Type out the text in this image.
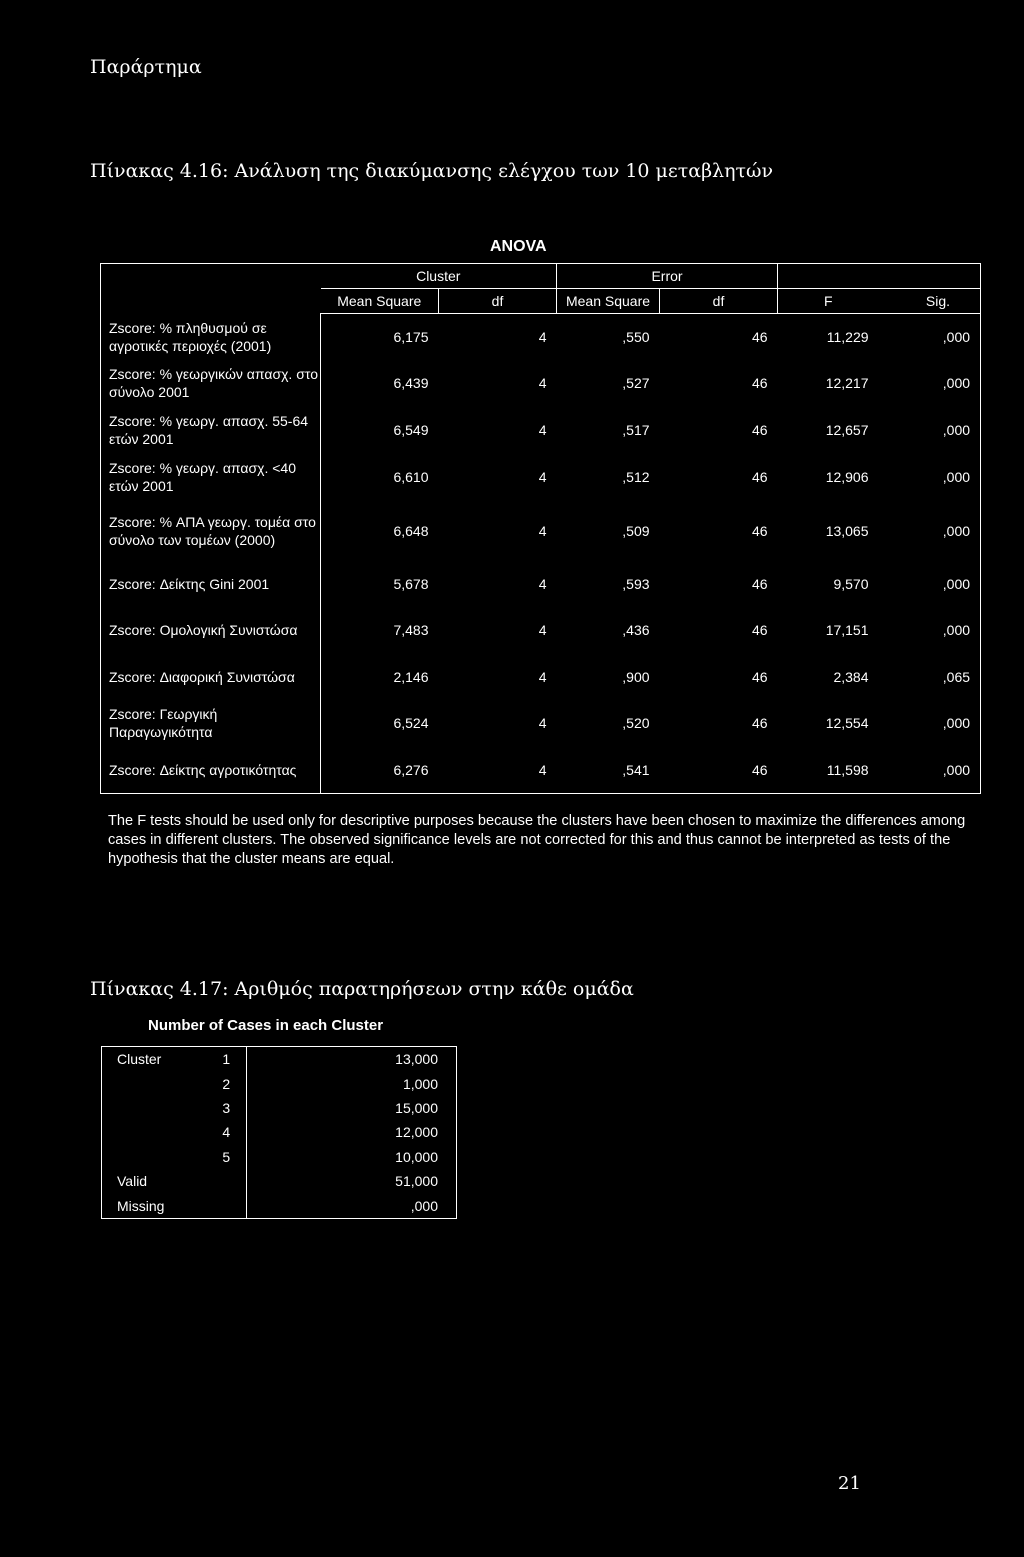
Παράρτημα
Πίνακας 4.16: Ανάλυση της διακύμανσης ελέγχου των 10 μεταβλητών
ANOVA
	Cluster		Error			
	Mean Square	df	Mean Square	df	F	Sig.
Zscore: % πληθυσμού σε αγροτικές περιοχές (2001)	6,175	4	,550	46	11,229	,000
Zscore: % γεωργικών απασχ. στο σύνολο 2001	6,439	4	,527	46	12,217	,000
Zscore: % γεωργ. απασχ. 55-64 ετών 2001	6,549	4	,517	46	12,657	,000
Zscore: % γεωργ. απασχ. <40 ετών 2001	6,610	4	,512	46	12,906	,000
Zscore: % ΑΠΑ γεωργ. τομέα στο σύνολο των τομέων (2000)	6,648	4	,509	46	13,065	,000
Zscore: Δείκτης Gini 2001	5,678	4	,593	46	9,570	,000
Zscore: Ομολογική Συνιστώσα	7,483	4	,436	46	17,151	,000
Zscore: Διαφορική Συνιστώσα	2,146	4	,900	46	2,384	,065
Zscore: Γεωργική Παραγωγικότητα	6,524	4	,520	46	12,554	,000
Zscore: Δείκτης αγροτικότητας	6,276	4	,541	46	11,598	,000
The F tests should be used only for descriptive purposes because the clusters have been chosen to maximize the differences among cases in different clusters. The observed significance levels are not corrected for this and thus cannot be interpreted as tests of the hypothesis that the cluster means are equal.
Πίνακας 4.17: Αριθμός παρατηρήσεων στην κάθε ομάδα
Number of Cases in each Cluster
Cluster	1	13,000
	2	1,000
	3	15,000
	4	12,000
	5	10,000
Valid		51,000
Missing		,000
21
